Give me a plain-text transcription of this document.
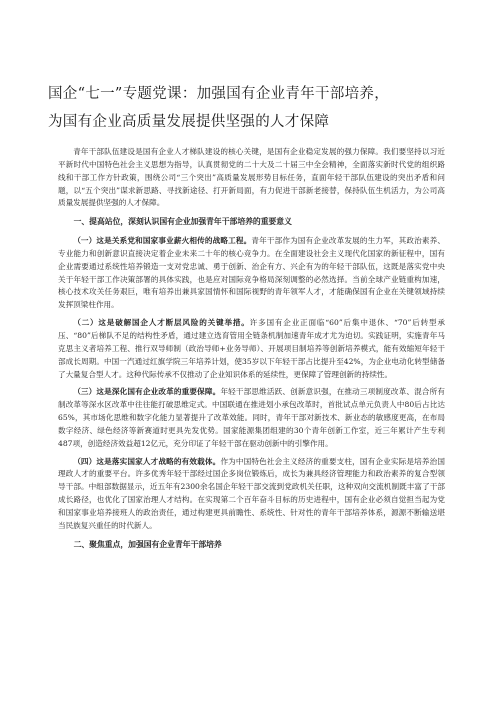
国企“七一”专题党课：加强国有企业青年干部培养，
为国有企业高质量发展提供坚强的人才保障

青年干部队伍建设是国有企业人才梯队建设的核心关键，是国有企业稳定发展的强力保障。我们要坚持以习近平新时代中国特色社会主义思想为指导，认真贯彻党的二十大及二十届三中全会精神，全面落实新时代党的组织路线和干部工作方针政策，围绕公司“三个突出”高质量发展形势目标任务，直面年轻干部队伍建设的突出矛盾和问题，以“五个突出”谋求新思路、寻找新途径、打开新局面，有力促进干部新老接替，保持队伍生机活力，为公司高质量发展提供坚强的人才保障。

一、提高站位，深刻认识国有企业加强青年干部培养的重要意义

（一）这是关系党和国家事业薪火相传的战略工程。青年干部作为国有企业改革发展的生力军，其政治素养、专业能力和创新意识直接决定着企业未来二十年的核心竞争力。在全面建设社会主义现代化国家的新征程中，国有企业需要通过系统性培养锻造一支对党忠诚、勇于创新、治企有方、兴企有为的年轻干部队伍，这既是落实党中央关于年轻干部工作决策部署的具体实践，也是应对国际竞争格局深刻调整的必然选择。当前全球产业链重构加速，核心技术攻关任务艰巨，唯有培养出兼具家国情怀和国际视野的青年领军人才，才能确保国有企业在关键领域持续发挥顶梁柱作用。

（二）这是破解国企人才断层风险的关键举措。许多国有企业正面临“60”后集中退休、“70”后转型承压、“80”后梯队不足的结构性矛盾，通过建立选育管用全链条机制加速青年成才尤为迫切。实践证明，实施青年马克思主义者培养工程、推行双导师制（政治导师+业务导师）、开展项目制培养等创新培养模式，能有效缩短年轻干部成长周期。中国一汽通过红旗学院三年培养计划，使35岁以下年轻干部占比提升至42%，为企业电动化转型储备了大量复合型人才。这种代际传承不仅推动了企业知识体系的延续性，更保障了管理创新的持续性。

（三）这是深化国有企业改革的重要保障。年轻干部思维活跃、创新意识强，在推动三项制度改革、混合所有制改革等深水区改革中往往能打破思维定式。中国联通在推进划小承包改革时，首批试点单元负责人中80后占比达65%，其市场化思维和数字化能力显著提升了改革效能。同时，青年干部对新技术、新业态的敏感度更高，在布局数字经济、绿色经济等新赛道时更具先发优势。国家能源集团组建的30个青年创新工作室，近三年累计产生专利487项，创造经济效益超12亿元，充分印证了年轻干部在驱动创新中的引擎作用。

（四）这是落实国家人才战略的有效载体。作为中国特色社会主义经济的重要支柱，国有企业实际是培养治国理政人才的重要平台。许多优秀年轻干部经过国企多岗位锻炼后，成长为兼具经济管理能力和政治素养的复合型领导干部。中组部数据显示，近五年有2300余名国企年轻干部交流到党政机关任职，这种双向交流机制既丰富了干部成长路径，也优化了国家治理人才结构。在实现第二个百年奋斗目标的历史进程中，国有企业必须自觉担当起为党和国家事业培养接班人的政治责任，通过构建更具前瞻性、系统性、针对性的青年干部培养体系，源源不断输送堪当民族复兴重任的时代新人。

二、聚焦重点，加强国有企业青年干部培养
